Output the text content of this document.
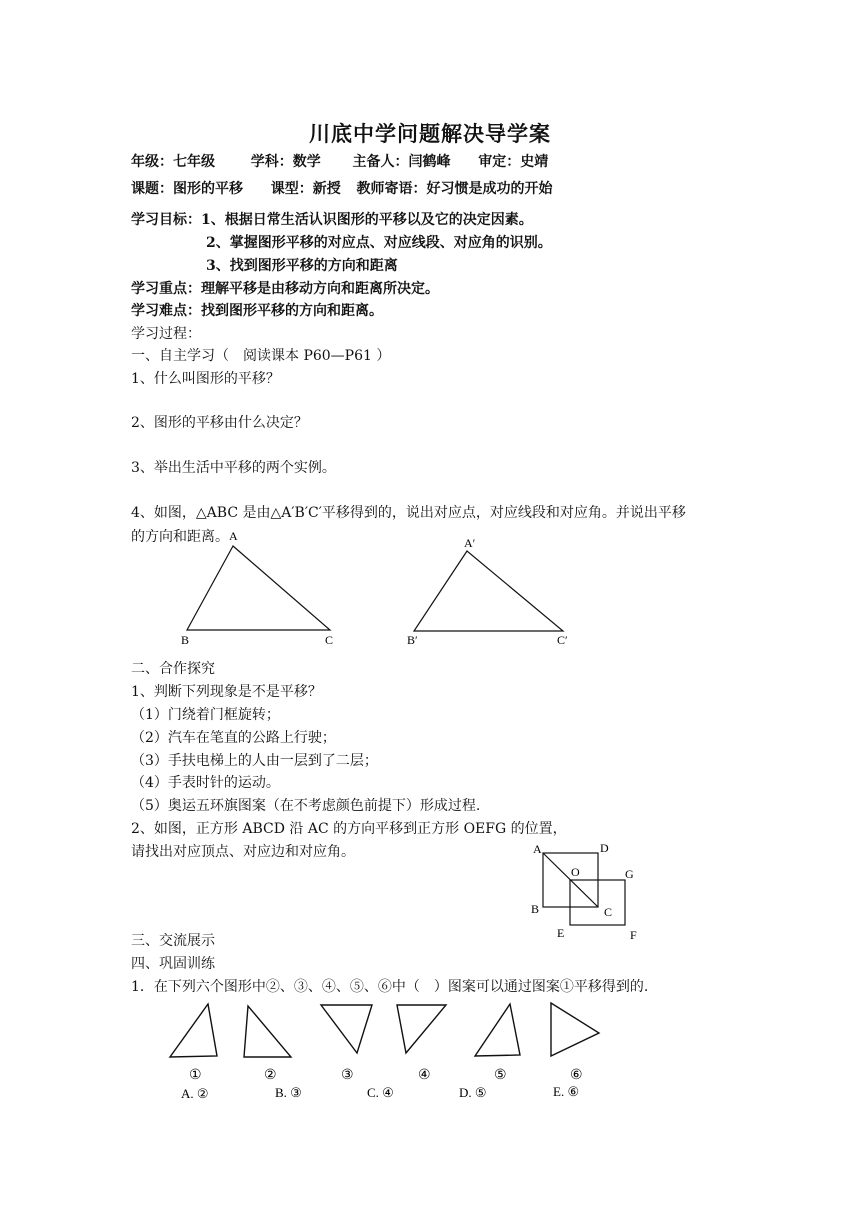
川底中学问题解决导学案
年级：七年级	学科：数学 主备人：闫鹤峰 审定：史靖
课题：图形的平移 课型：新授 教师寄语：好习惯是成功的开始
学习目标：1、根据日常生活认识图形的平移以及它的决定因素。
2、掌握图形平移的对应点、对应线段、对应角的识别。
3、找到图形平移的方向和距离
学习重点：理解平移是由移动方向和距离所决定。
学习难点：找到图形平移的方向和距离。
学习过程：
一、自主学习（　阅读课本 P60—P61 ）
1、什么叫图形的平移？
2、图形的平移由什么决定？
3、举出生活中平移的两个实例。
4、如图，△ABC 是由△A′B′C′平移得到的，说出对应点，对应线段和对应角。并说出平移
的方向和距离。 A
B	C
A′
B′	C′
A	D
O	G
B	C
E	F
①	②	③	④	⑤	⑥
A. ②	B. ③	C. ④	D. ⑤	E. ⑥
二、合作探究
1、判断下列现象是不是平移？
（1）门绕着门框旋转；
（2）汽车在笔直的公路上行驶；
（3）手扶电梯上的人由一层到了二层；
（4）手表时针的运动。
（5）奥运五环旗图案（在不考虑颜色前提下）形成过程.
2、如图，正方形 ABCD 沿 AC 的方向平移到正方形 OEFG 的位置，
请找出对应顶点、对应边和对应角。
三、交流展示
四、巩固训练
1．在下列六个图形中②、③、④、⑤、⑥中（　）图案可以通过图案①平移得到的.
